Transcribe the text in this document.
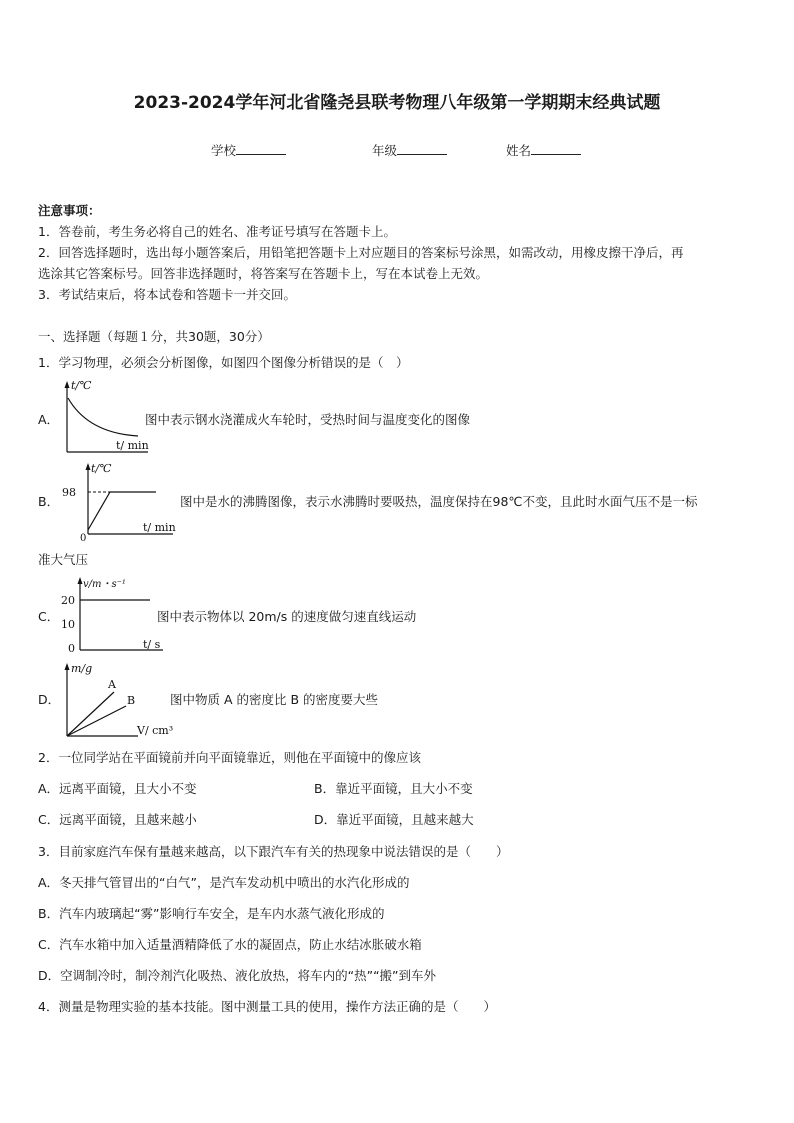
2023-2024学年河北省隆尧县联考物理八年级第一学期期末经典试题
学校	年级	姓名
注意事项：
1．答卷前，考生务必将自己的姓名、准考证号填写在答题卡上。
2．回答选择题时，选出每小题答案后，用铅笔把答题卡上对应题目的答案标号涂黑，如需改动，用橡皮擦干净后，再
选涂其它答案标号。回答非选择题时，将答案写在答题卡上，写在本试卷上无效。
3．考试结束后，将本试卷和答题卡一并交回。
一、选择题（每题１分，共30题，30分）
1．学习物理，必须会分析图像，如图四个图像分析错误的是（　）
A．
t/℃
t/ min
图中表示钢水浇灌成火车轮时，受热时间与温度变化的图像
B．
t/℃
98
0
t/ min
图中是水的沸腾图像，表示水沸腾时要吸热，温度保持在98℃不变，且此时水面气压不是一标
准大气压
C．
v/m・s⁻¹
20
10
0	t/ s
图中表示物体以 20m/s 的速度做匀速直线运动
D．
m/g
A
B
V/ cm³
图中物质 A 的密度比 B 的密度要大些
2．一位同学站在平面镜前并向平面镜靠近，则他在平面镜中的像应该
A．远离平面镜，且大小不变	B．靠近平面镜，且大小不变
C．远离平面镜，且越来越小	D．靠近平面镜，且越来越大
3．目前家庭汽车保有量越来越高，以下跟汽车有关的热现象中说法错误的是（　　）
A．冬天排气管冒出的“白气”，是汽车发动机中喷出的水汽化形成的
B．汽车内玻璃起“雾”影响行车安全，是车内水蒸气液化形成的
C．汽车水箱中加入适量酒精降低了水的凝固点，防止水结冰胀破水箱
D．空调制冷时，制冷剂汽化吸热、液化放热，将车内的“热”“搬”到车外
4．测量是物理实验的基本技能。图中测量工具的使用，操作方法正确的是（　　）
